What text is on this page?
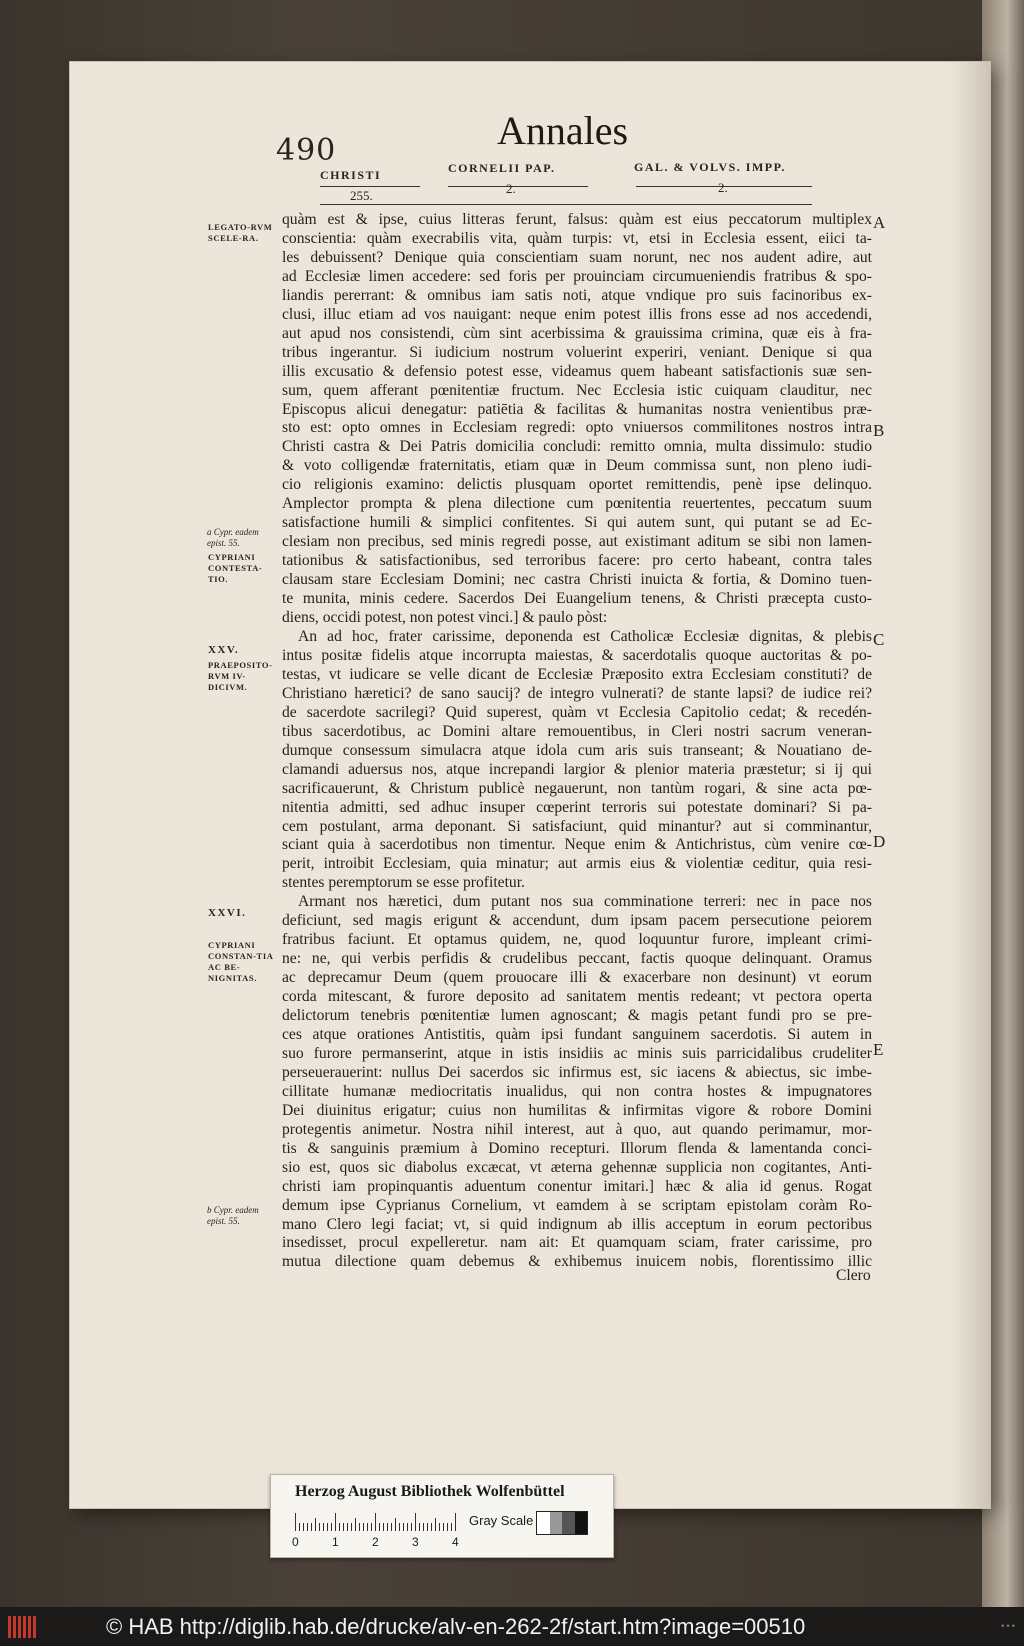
490	Annales
CHRISTI	CORNELII PAP.	GAL. & VOLVS. IMPP.
255.	2.	2.
LEGATO-RVM SCELE-RA.
a Cypr. eadem epist. 55.
CYPRIANI CONTESTA-TIO.
XXV.
PRAEPOSITO-RVM IV-DICIVM.
XXVI.
CYPRIANI CONSTAN-TIA AC BE-NIGNITAS.
b Cypr. eadem epist. 55.
A
B
C
D
E
quàm est & ipse, cuius litteras ferunt, falsus: quàm est eius peccatorum multiplex
conscientia: quàm execrabilis vita, quàm turpis: vt, etsi in Ecclesia essent, eiici ta-
les debuissent? Denique quia conscientiam suam norunt, nec nos audent adire, aut
ad Ecclesiæ limen accedere: sed foris per prouinciam circumueniendis fratribus & spo-
liandis pererrant: & omnibus iam satis noti, atque vndique pro suis facinoribus ex-
clusi, illuc etiam ad vos nauigant: neque enim potest illis frons esse ad nos accedendi,
aut apud nos consistendi, cùm sint acerbissima & grauissima crimina, quæ eis à fra-
tribus ingerantur. Si iudicium nostrum voluerint experiri, veniant. Denique si qua
illis excusatio & defensio potest esse, videamus quem habeant satisfactionis suæ sen-
sum, quem afferant pœnitentiæ fructum. Nec Ecclesia istic cuiquam clauditur, nec
Episcopus alicui denegatur: patiētia & facilitas & humanitas nostra venientibus præ-
sto est: opto omnes in Ecclesiam regredi: opto vniuersos commilitones nostros intra
Christi castra & Dei Patris domicilia concludi: remitto omnia, multa dissimulo: studio
& voto colligendæ fraternitatis, etiam quæ in Deum commissa sunt, non pleno iudi-
cio religionis examino: delictis plusquam oportet remittendis, penè ipse delinquo.
Amplector prompta & plena dilectione cum pœnitentia reuertentes, peccatum suum
satisfactione humili & simplici confitentes. Si qui autem sunt, qui putant se ad Ec-
clesiam non precibus, sed minis regredi posse, aut existimant aditum se sibi non lamen-
tationibus & satisfactionibus, sed terroribus facere: pro certo habeant, contra tales
clausam stare Ecclesiam Domini; nec castra Christi inuicta & fortia, & Domino tuen-
te munita, minis cedere. Sacerdos Dei Euangelium tenens, & Christi præcepta custo-
diens, occidi potest, non potest vinci.] & paulo pòst:
An ad hoc, frater carissime, deponenda est Catholicæ Ecclesiæ dignitas, & plebis
intus positæ fidelis atque incorrupta maiestas, & sacerdotalis quoque auctoritas & po-
testas, vt iudicare se velle dicant de Ecclesiæ Præposito extra Ecclesiam constituti? de
Christiano hæretici? de sano saucij? de integro vulnerati? de stante lapsi? de iudice rei?
de sacerdote sacrilegi? Quid superest, quàm vt Ecclesia Capitolio cedat; & recedén-
tibus sacerdotibus, ac Domini altare remouentibus, in Cleri nostri sacrum veneran-
dumque consessum simulacra atque idola cum aris suis transeant; & Nouatiano de-
clamandi aduersus nos, atque increpandi largior & plenior materia præstetur; si ij qui
sacrificauerunt, & Christum publicè negauerunt, non tantùm rogari, & sine acta pœ-
nitentia admitti, sed adhuc insuper cœperint terroris sui potestate dominari? Si pa-
cem postulant, arma deponant. Si satisfaciunt, quid minantur? aut si comminantur,
sciant quia à sacerdotibus non timentur. Neque enim & Antichristus, cùm venire cœ-
perit, introibit Ecclesiam, quia minatur; aut armis eius & violentiæ ceditur, quia resi-
stentes peremptorum se esse profitetur.
Armant nos hæretici, dum putant nos sua comminatione terreri: nec in pace nos
deficiunt, sed magis erigunt & accendunt, dum ipsam pacem persecutione peiorem
fratribus faciunt. Et optamus quidem, ne, quod loquuntur furore, impleant crimi-
ne: ne, qui verbis perfidis & crudelibus peccant, factis quoque delinquant. Oramus
ac deprecamur Deum (quem prouocare illi & exacerbare non desinunt) vt eorum
corda mitescant, & furore deposito ad sanitatem mentis redeant; vt pectora operta
delictorum tenebris pœnitentiæ lumen agnoscant; & magis petant fundi pro se pre-
ces atque orationes Antistitis, quàm ipsi fundant sanguinem sacerdotis. Si autem in
suo furore permanserint, atque in istis insidiis ac minis suis parricidalibus crudeliter
perseuerauerint: nullus Dei sacerdos sic infirmus est, sic iacens & abiectus, sic imbe-
cillitate humanæ mediocritatis inualidus, qui non contra hostes & impugnatores
Dei diuinitus erigatur; cuius non humilitas & infirmitas vigore & robore Domini
protegentis animetur. Nostra nihil interest, aut à quo, aut quando perimamur, mor-
tis & sanguinis præmium à Domino recepturi. Illorum flenda & lamentanda conci-
sio est, quos sic diabolus excæcat, vt æterna gehennæ supplicia non cogitantes, Anti-
christi iam propinquantis aduentum conentur imitari.] hæc & alia id genus. Rogat
demum ipse Cyprianus Cornelium, vt eamdem à se scriptam epistolam coràm Ro-
mano Clero legi faciat; vt, si quid indignum ab illis acceptum in eorum pectoribus
insedisset, procul expelleretur. nam ait: Et quamquam sciam, frater carissime, pro
mutua dilectione quam debemus & exhibemus inuicem nobis, florentissimo illic
Clero
Herzog August Bibliothek Wolfenbüttel
0	1	2	3	4
Gray Scale
© HAB http://diglib.hab.de/drucke/alv-en-262-2f/start.htm?image=00510	•••
